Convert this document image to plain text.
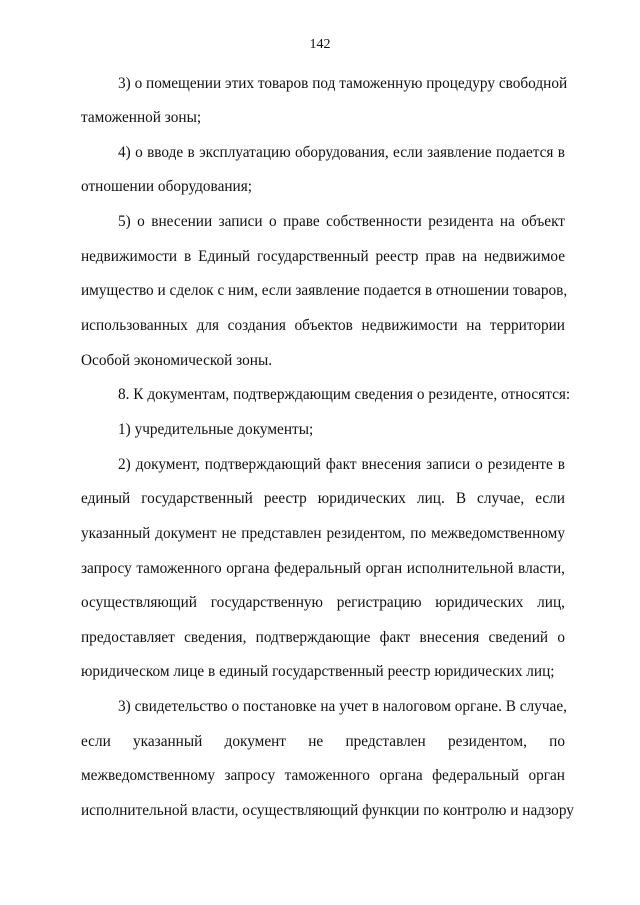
142
3) о помещении этих товаров под таможенную процедуру свободной
таможенной зоны;
4) о вводе в эксплуатацию оборудования, если заявление подается в
отношении оборудования;
5) о внесении записи о праве собственности резидента на объект
недвижимости в Единый государственный реестр прав на недвижимое
имущество и сделок с ним, если заявление подается в отношении товаров,
использованных для создания объектов недвижимости на территории
Особой экономической зоны.
8. К документам, подтверждающим сведения о резиденте, относятся:
1) учредительные документы;
2) документ, подтверждающий факт внесения записи о резиденте в
единый государственный реестр юридических лиц. В случае, если
указанный документ не представлен резидентом, по межведомственному
запросу таможенного органа федеральный орган исполнительной власти,
осуществляющий государственную регистрацию юридических лиц,
предоставляет сведения, подтверждающие факт внесения сведений о
юридическом лице в единый государственный реестр юридических лиц;
3) свидетельство о постановке на учет в налоговом органе. В случае,
если указанный документ не представлен резидентом, по
межведомственному запросу таможенного органа федеральный орган
исполнительной власти, осуществляющий функции по контролю и надзору
